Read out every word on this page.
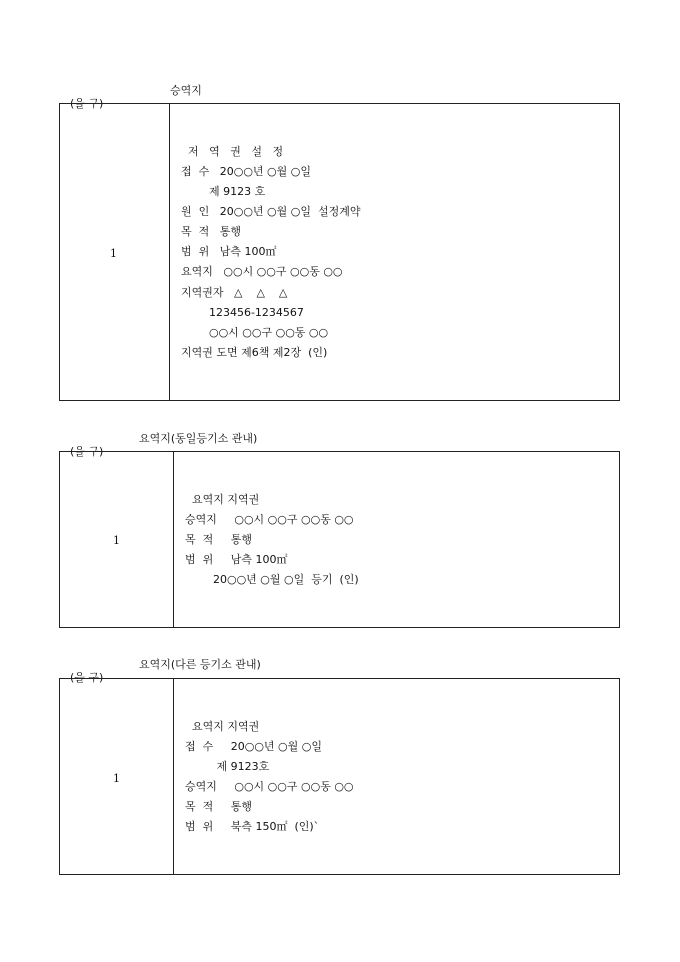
(을 구)

승역지

1
저   역   권   설   정
접  수   20○○년 ○월 ○일
제 9123 호
원  인   20○○년 ○월 ○일  설정계약
목  적   통행
범  위   남측 100㎡
요역지   ○○시 ○○구 ○○동 ○○
지역권자   △    △    △
123456-1234567
○○시 ○○구 ○○동 ○○
지역권 도면 제6책 제2장  (인)

(을 구)

요역지(동일등기소 관내)

1
요역지 지역권
승역지     ○○시 ○○구 ○○동 ○○
목  적     통행
범  위     남측 100㎡
20○○년 ○월 ○일  등기  (인)

(을 구)

요역지(다른 등기소 관내)

1
요역지 지역권
접  수     20○○년 ○월 ○일
제 9123호
승역지     ○○시 ○○구 ○○동 ○○
목  적     통행
범  위     북측 150㎡  (인)`
